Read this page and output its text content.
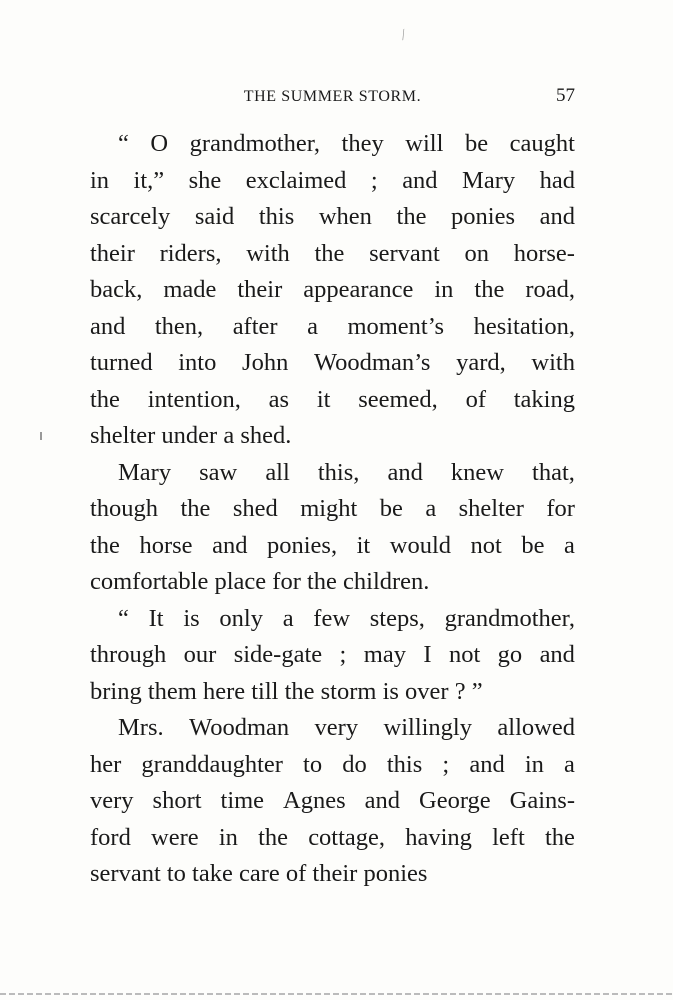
⁄
THE SUMMER STORM.	57
“ O grandmother, they will be caught
in it,” she exclaimed ; and Mary had
scarcely said this when the ponies and
their riders, with the servant on horse-
back, made their appearance in the road,
and then, after a moment’s hesitation,
turned into John Woodman’s yard, with
the intention, as it seemed, of taking
shelter under a shed.
Mary saw all this, and knew that,
though the shed might be a shelter for
the horse and ponies, it would not be a
comfortable place for the children.
“ It is only a few steps, grandmother,
through our side-gate ; may I not go and
bring them here till the storm is over ? ”
Mrs. Woodman very willingly allowed
her granddaughter to do this ; and in a
very short time Agnes and George Gains-
ford were in the cottage, having left the
servant to take care of their ponies
